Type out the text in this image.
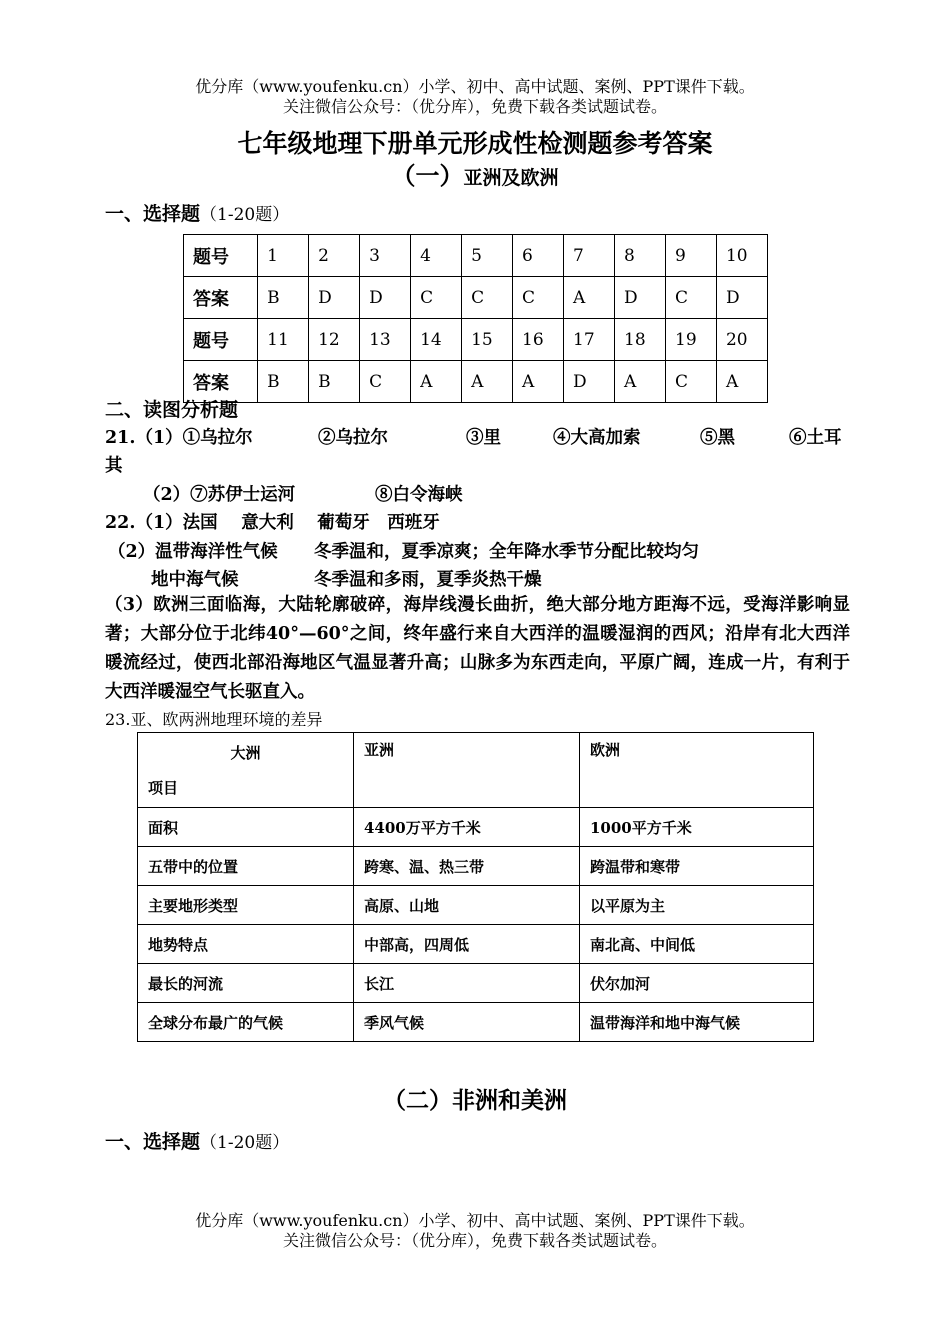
优分库（www.youfenku.cn）小学、初中、高中试题、案例、PPT课件下载。
关注微信公众号：（优分库），免费下载各类试题试卷。
七年级地理下册单元形成性检测题参考答案
（一）亚洲及欧洲
一、选择题（1-20题）
题号	1	2	3	4	5	6	7	8	9	10
答案	B	D	D	C	C	C	A	D	C	D
题号	11	12	13	14	15	16	17	18	19	20
答案	B	B	C	A	A	A	D	A	C	A
二、读图分析题
21.（1）①乌拉尔	②乌拉尔	③里	④大高加索	⑤黑	⑥土耳
其
（2）⑦苏伊士运河	⑧白令海峡
22.（1）法国　 意大利　 葡萄牙　西班牙
（2）温带海洋性气候 冬季温和，夏季凉爽；全年降水季节分配比较均匀
地中海气候	冬季温和多雨，夏季炎热干燥
（3）欧洲三面临海，大陆轮廓破碎，海岸线漫长曲折，绝大部分地方距海不远，受海洋影响显著；大部分位于北纬40°—60°之间，终年盛行来自大西洋的温暖湿润的西风；沿岸有北大西洋暖流经过，使西北部沿海地区气温显著升高；山脉多为东西走向，平原广阔，连成一片，有利于大西洋暖湿空气长驱直入。
23.亚、欧两洲地理环境的差异
大洲
项目	亚洲	欧洲
面积	4400万平方千米	1000平方千米
五带中的位置	跨寒、温、热三带	跨温带和寒带
主要地形类型	高原、山地	以平原为主
地势特点	中部高，四周低	南北高、中间低
最长的河流	长江	伏尔加河
全球分布最广的气候	季风气候	温带海洋和地中海气候
（二）非洲和美洲
一、选择题（1-20题）
优分库（www.youfenku.cn）小学、初中、高中试题、案例、PPT课件下载。
关注微信公众号：（优分库），免费下载各类试题试卷。
